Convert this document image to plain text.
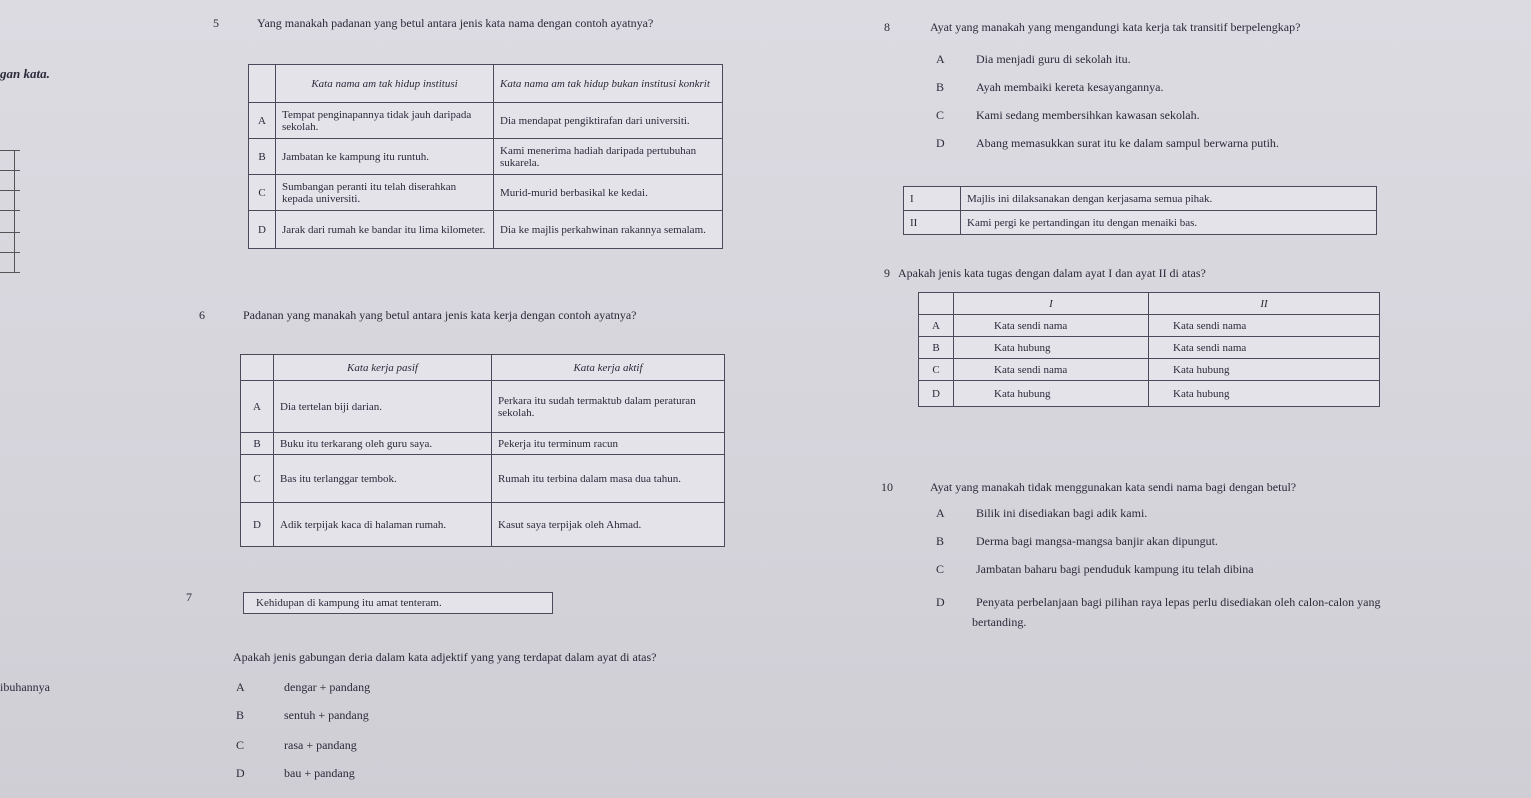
gan kata.
ibuhannya
5	Yang manakah padanan yang betul antara jenis kata nama dengan contoh ayatnya?
	Kata nama am tak hidup institusi	Kata nama am tak hidup bukan institusi konkrit
A	Tempat penginapannya tidak jauh daripada sekolah.	Dia mendapat pengiktirafan dari universiti.
B	Jambatan ke kampung itu runtuh.	Kami menerima hadiah daripada pertubuhan sukarela.
C	Sumbangan peranti itu telah diserahkan kepada universiti.	Murid-murid berbasikal ke kedai.
D	Jarak dari rumah ke bandar itu lima kilometer.	Dia ke majlis perkahwinan rakannya semalam.
6	Padanan yang manakah yang betul antara jenis kata kerja dengan contoh ayatnya?
	Kata kerja pasif	Kata kerja aktif
A	Dia tertelan biji darian.	Perkara itu sudah termaktub dalam peraturan sekolah.
B	Buku itu terkarang oleh guru saya.	Pekerja itu terminum racun
C	Bas itu terlanggar tembok.	Rumah itu terbina dalam masa dua tahun.
D	Adik terpijak kaca di halaman rumah.	Kasut saya terpijak oleh Ahmad.
7	Kehidupan di kampung itu amat tenteram.
Apakah jenis gabungan deria dalam kata adjektif yang yang terdapat dalam ayat di atas?
A	dengar + pandang
B	sentuh + pandang
C	rasa + pandang
D	bau + pandang
8	Ayat yang manakah yang mengandungi kata kerja tak transitif berpelengkap?
A	Dia menjadi guru di sekolah itu.
B	Ayah membaiki kereta kesayangannya.
C	Kami sedang membersihkan kawasan sekolah.
D	Abang memasukkan surat itu ke dalam sampul berwarna putih.
I	Majlis ini dilaksanakan dengan kerjasama semua pihak.
II	Kami pergi ke pertandingan itu dengan menaiki bas.
9 Apakah jenis kata tugas dengan dalam ayat I dan ayat II di atas?
	I	II
A	Kata sendi nama	Kata sendi nama
B	Kata hubung	Kata sendi nama
C	Kata sendi nama	Kata hubung
D	Kata hubung	Kata hubung
10	Ayat yang manakah tidak menggunakan kata sendi nama bagi dengan betul?
A	Bilik ini disediakan bagi adik kami.
B	Derma bagi mangsa-mangsa banjir akan dipungut.
C	Jambatan baharu bagi penduduk kampung itu telah dibina
D	Penyata perbelanjaan bagi pilihan raya lepas perlu disediakan oleh calon-calon yang
bertanding.
